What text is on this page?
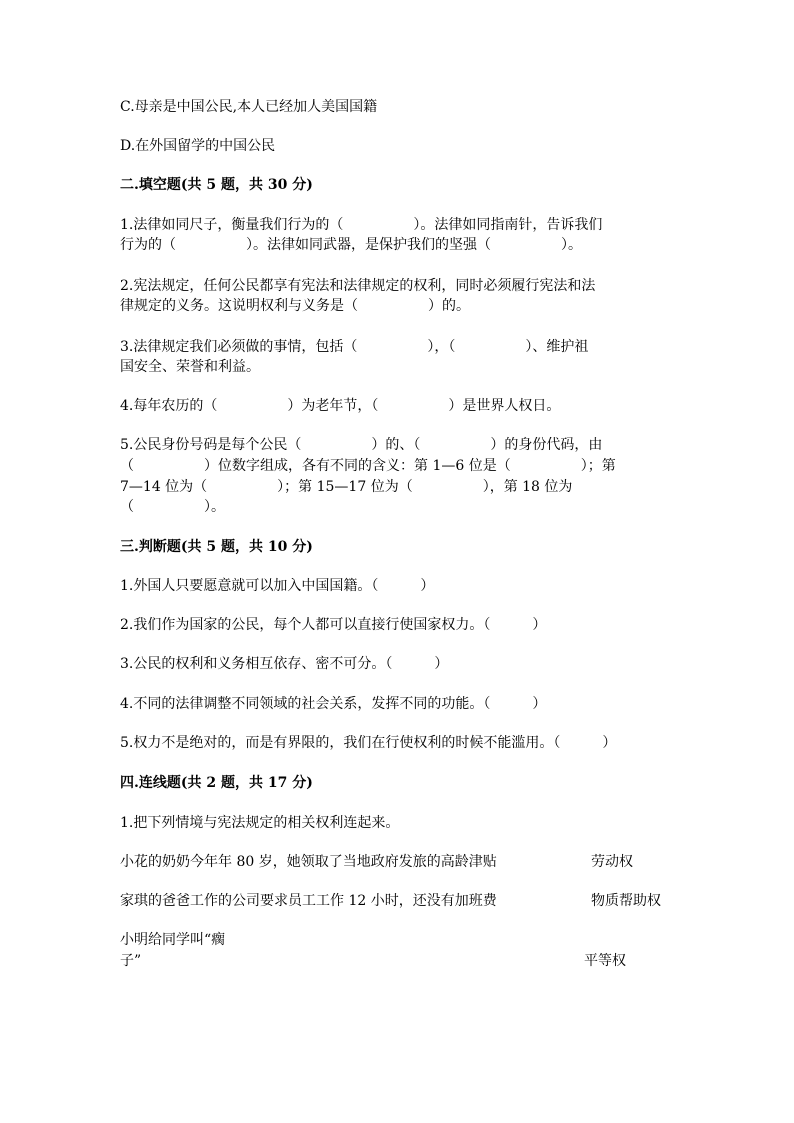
C.母亲是中国公民,本人已经加人美国国籍
D.在外国留学的中国公民
二.填空题(共 5 题，共 30 分)
1.法律如同尺子，衡量我们行为的（　　　　　）。法律如同指南针，告诉我们
行为的（　　　　　）。法律如同武器，是保护我们的坚强（　　　　　）。
2.宪法规定，任何公民都享有宪法和法律规定的权利，同时必须履行宪法和法
律规定的义务。这说明权利与义务是（　　　　　）的。
3.法律规定我们必须做的事情，包括（　　　　　），（　　　　　）、维护祖
国安全、荣誉和利益。
4.每年农历的（　　　　　）为老年节，（　　　　　）是世界人权日。
5.公民身份号码是每个公民（　　　　　）的、（　　　　　）的身份代码，由
（　　　　　）位数字组成，各有不同的含义：第 1—6 位是（　　　　　）；第
7—14 位为（　　　　　）；第 15—17 位为（　　　　　），第 18 位为
（　　　　　）。
三.判断题(共 5 题，共 10 分)
1.外国人只要愿意就可以加入中国国籍。（　　　）
2.我们作为国家的公民，每个人都可以直接行使国家权力。（　　　）
3.公民的权利和义务相互依存、密不可分。（　　　）
4.不同的法律调整不同领域的社会关系，发挥不同的功能。（　　　）
5.权力不是绝对的，而是有界限的，我们在行使权利的时候不能滥用。（　　　）
四.连线题(共 2 题，共 17 分)
1.把下列情境与宪法规定的相关权利连起来。
小花的奶奶今年年 80 岁，她领取了当地政府发旅的高龄津贴	劳动权
家琪的爸爸工作的公司要求员工工作 12 小时，还没有加班费	物质帮助权
小明给同学叫“瘸
子”	平等权
